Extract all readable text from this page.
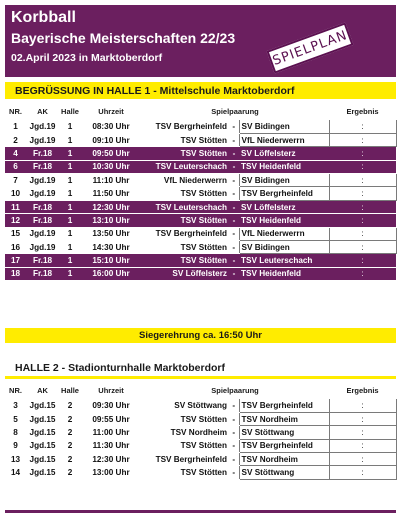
Korbball
Bayerische Meisterschaften 22/23
02.April 2023 in Marktoberdorf	SPIELPLAN
BEGRÜSSUNG IN HALLE 1 - Mittelschule Marktoberdorf
NR.	AK	Halle	Uhrzeit	Spielpaarung			Ergebnis
1	Jgd.19	1	08:30 Uhr	TSV Bergrheinfeld	-	SV Bidingen	:
2	Jgd.19	1	09:10 Uhr	TSV Stötten	-	VfL Niederwerrn	:
4	Fr.18	1	09:50 Uhr	TSV Stötten	-	SV Löffelsterz	:
6	Fr.18	1	10:30 Uhr	TSV Leuterschach	-	TSV Heidenfeld	:
7	Jgd.19	1	11:10 Uhr	VfL Niederwerrn	-	SV Bidingen	:
10	Jgd.19	1	11:50 Uhr	TSV Stötten	-	TSV Bergrheinfeld	:
11	Fr.18	1	12:30 Uhr	TSV Leuterschach	-	SV Löffelsterz	:
12	Fr.18	1	13:10 Uhr	TSV Stötten	-	TSV Heidenfeld	:
15	Jgd.19	1	13:50 Uhr	TSV Bergrheinfeld	-	VfL Niederwerrn	:
16	Jgd.19	1	14:30 Uhr	TSV Stötten	-	SV Bidingen	:
17	Fr.18	1	15:10 Uhr	TSV Stötten	-	TSV Leuterschach	:
18	Fr.18	1	16:00 Uhr	SV Löffelsterz	-	TSV Heidenfeld	:
Siegerehrung ca. 16:50 Uhr
HALLE 2 - Stadionturnhalle Marktoberdorf
NR.	AK	Halle	Uhrzeit	Spielpaarung			Ergebnis
3	Jgd.15	2	09:30 Uhr	SV Stöttwang	-	TSV Bergrheinfeld	:
5	Jgd.15	2	09:55 Uhr	TSV Stötten	-	TSV Nordheim	:
8	Jgd.15	2	11:00 Uhr	TSV Nordheim	-	SV Stöttwang	:
9	Jgd.15	2	11:30 Uhr	TSV Stötten	-	TSV Bergrheinfeld	:
13	Jgd.15	2	12:30 Uhr	TSV Bergrheinfeld	-	TSV Nordheim	:
14	Jgd.15	2	13:00 Uhr	TSV Stötten	-	SV Stöttwang	:
